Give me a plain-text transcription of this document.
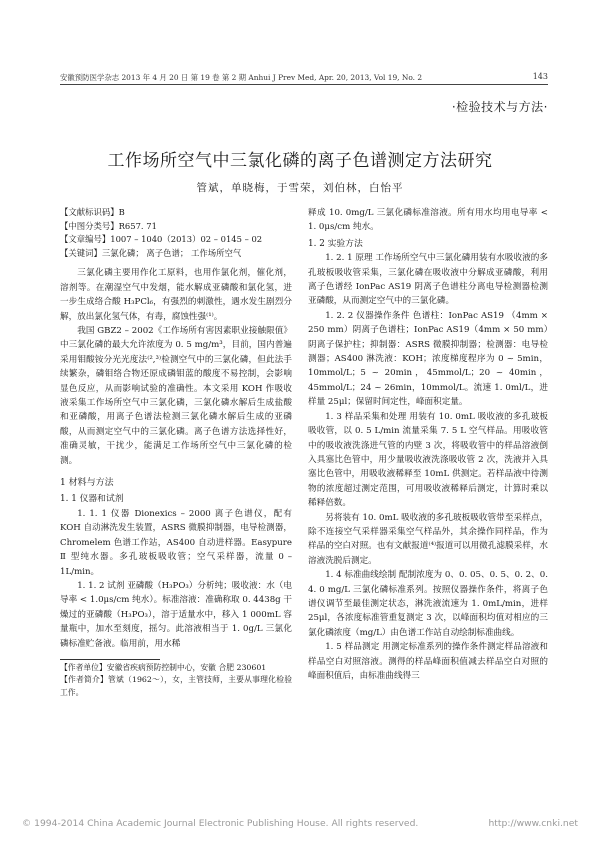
安徽预防医学杂志 2013 年 4 月 20 日 第 19 卷 第 2 期 Anhui J Prev Med, Apr. 20, 2013, Vol 19, No. 2	143
·检验技术与方法·
工作场所空气中三氯化磷的离子色谱测定方法研究
管斌，单晓梅，于雪荣，刘伯林，白怡平
【文献标识码】B
【中图分类号】R657. 71
【文章编号】1007 – 1040（2013）02 – 0145 – 02
【关键词】三氯化磷； 离子色谱； 工作场所空气
三氯化磷主要用作化工原料，也用作氯化剂，催化剂，溶剂等。在潮湿空气中发烟，能水解成亚磷酸和氯化氢，进一步生成络合酸 H₃PCl₆，有强烈的刺激性，遇水发生剧烈分解，放出氯化氢气体，有毒，腐蚀性强⁽¹⁾。
我国 GBZ2 – 2002《工作场所有害因素职业接触限值》中三氯化磷的最大允许浓度为 0. 5 mg/m³，目前，国内普遍采用钼酸铵分光光度法⁽²,³⁾检测空气中的三氯化磷，但此法手续繁杂，磷钼络合物还原成磷钼蓝的酸度不易控制，会影响显色反应，从而影响试验的准确性。本文采用 KOH 作吸收液采集工作场所空气中三氯化磷，三氯化磷水解后生成盐酸和亚磷酸，用离子色谱法检测三氯化磷水解后生成的亚磷酸，从而测定空气中的三氯化磷。离子色谱方法选择性好，准确灵敏，干扰少，能满足工作场所空气中三氯化磷的检测。
1 材料与方法
1. 1 仪器和试剂
1. 1. 1 仪器 Dionexics – 2000 离子色谱仪，配有 KOH 自动淋洗发生装置，ASRS 微膜抑制器，电导检测器，Chromelem 色谱工作站，AS400 自动进样器。Easypure Ⅱ 型纯水器。多孔玻板吸收管；空气采样器，流量 0 – 1L/min。
1. 1. 2 试剂 亚磷酸（H₃PO₃）分析纯；吸收液：水（电导率 < 1.0μs/cm 纯水）。标准溶液：准确称取 0. 4438g 干燥过的亚磷酸（H₃PO₃），溶于适量水中，移入 1 000mL 容量瓶中，加水至刻度，摇匀。此溶液相当于 1. 0g/L 三氯化磷标准贮备液。临用前，用水稀
【作者单位】安徽省疾病预防控制中心，安徽 合肥 230601
【作者简介】管斌（1962～），女，主管技师，主要从事理化检验工作。
释成 10. 0mg/L 三氯化磷标准溶液。所有用水均用电导率 < 1. 0μs/cm 纯水。
1. 2 实验方法
1. 2. 1 原理 工作场所空气中三氯化磷用装有水吸收液的多孔玻板吸收管采集，三氯化磷在吸收液中分解成亚磷酸，利用离子色谱经 IonPac AS19 阴离子色谱柱分离电导检测器检测亚磷酸，从而测定空气中的三氯化磷。
1. 2. 2 仪器操作条件 色谱柱：IonPac AS19 （4mm × 250 mm）阴离子色谱柱；IonPac AS19（4mm × 50 mm）阴离子保护柱；抑制器：ASRS 微膜抑制器；检测器：电导检测器；AS400 淋洗液：KOH；浓度梯度程序为 0 ~ 5min，10mmol/L；5 ~ 20min，45mmol/L；20 ~ 40min，45mmol/L；24 ~ 26min，10mmol/L。流速 1. 0ml/L，进样量 25μl；保留时间定性，峰面积定量。
1. 3 样品采集和处理 用装有 10. 0mL 吸收液的多孔玻板吸收管，以 0. 5 L/min 流量采集 7. 5 L 空气样品。用吸收管中的吸收液洗涤进气管的内壁 3 次，将吸收管中的样品溶液倒入具塞比色管中，用少量吸收液洗涤吸收管 2 次，洗液并入具塞比色管中，用吸收液稀释至 10mL 供测定。若样品液中待测物的浓度超过测定范围，可用吸收液稀释后测定，计算时乘以稀释倍数。
另将装有 10. 0mL 吸收液的多孔玻板吸收管带至采样点，除不连接空气采样器采集空气样品外，其余操作同样品，作为样品的空白对照。也有文献报道⁽⁴⁾报道可以用微孔滤膜采样，水溶液洗脱后测定。
1. 4 标准曲线绘制 配制浓度为 0、0. 05、0. 5、0. 2、0. 4. 0 mg/L 三氯化磷标准系列。按照仪器操作条件，将离子色谱仪调节至最佳测定状态，淋洗液流速为 1. 0mL/min，进样 25μl，各浓度标准管重复测定 3 次，以峰面积均值对相应的三氯化磷浓度（mg/L）由色谱工作站自动绘制标准曲线。
1. 5 样品测定 用测定标准系列的操作条件测定样品溶液和样品空白对照溶液。测得的样品峰面积值减去样品空白对照的峰面积值后，由标准曲线得三
© 1994-2014 China Academic Journal Electronic Publishing House. All rights reserved.	http://www.cnki.net
